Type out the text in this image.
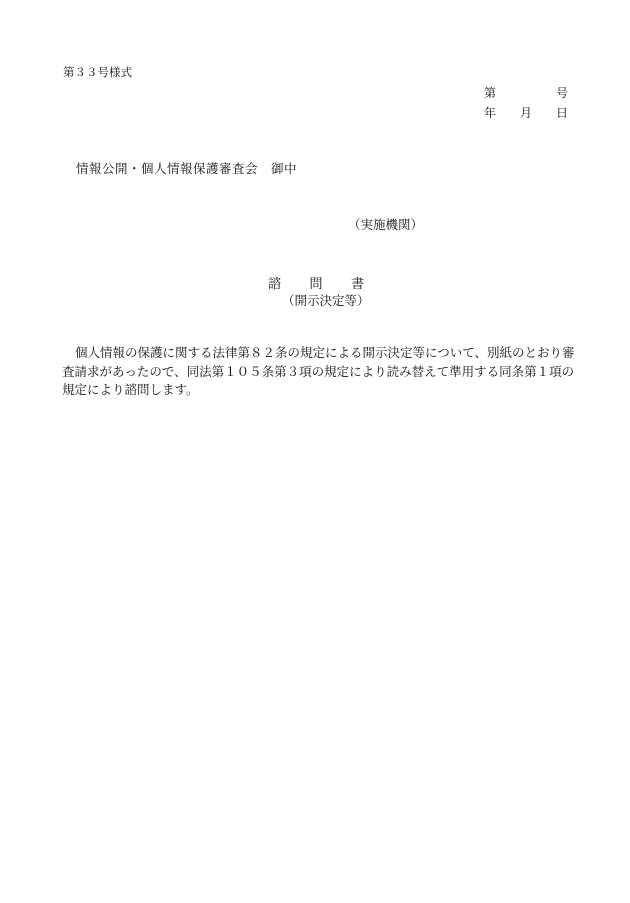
第３３号様式
第	号
年	月	日
情報公開・個人情報保護審査会　御中
（実施機関）
諮 問 書
（開示決定等）
個人情報の保護に関する法律第８２条の規定による開示決定等について、別紙のとおり審査請求があったので、同法第１０５条第３項の規定により読み替えて準用する同条第１項の規定により諮問します。
